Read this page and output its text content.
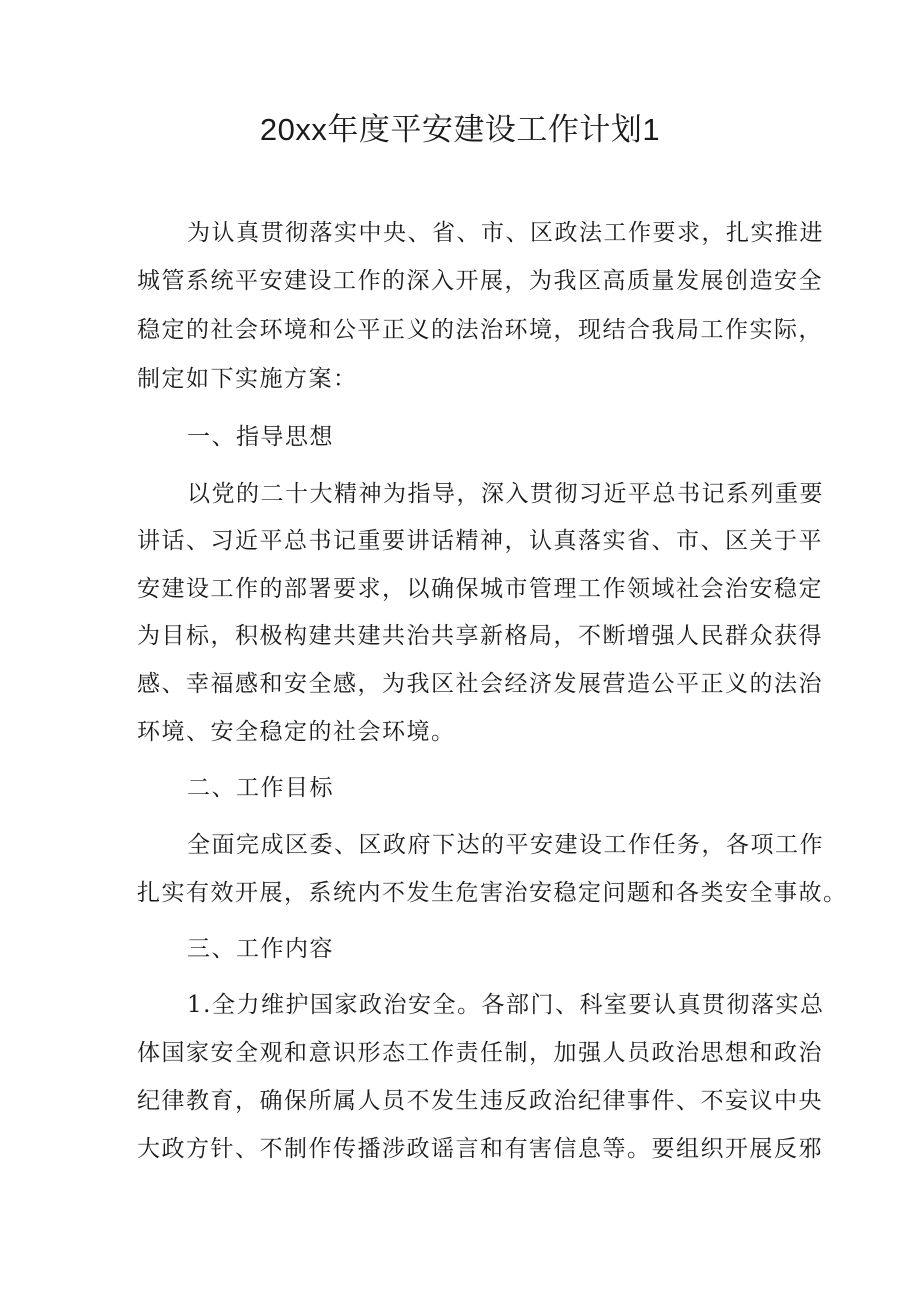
20xx年度平安建设工作计划1
为认真贯彻落实中央、省、市、区政法工作要求，扎实推进
城管系统平安建设工作的深入开展，为我区高质量发展创造安全
稳定的社会环境和公平正义的法治环境，现结合我局工作实际，
制定如下实施方案：
一、指导思想
以党的二十大精神为指导，深入贯彻习近平总书记系列重要
讲话、习近平总书记重要讲话精神，认真落实省、市、区关于平
安建设工作的部署要求，以确保城市管理工作领域社会治安稳定
为目标，积极构建共建共治共享新格局，不断增强人民群众获得
感、幸福感和安全感，为我区社会经济发展营造公平正义的法治
环境、安全稳定的社会环境。
二、工作目标
全面完成区委、区政府下达的平安建设工作任务，各项工作
扎实有效开展，系统内不发生危害治安稳定问题和各类安全事故。
三、工作内容
1.全力维护国家政治安全。各部门、科室要认真贯彻落实总
体国家安全观和意识形态工作责任制，加强人员政治思想和政治
纪律教育，确保所属人员不发生违反政治纪律事件、不妄议中央
大政方针、不制作传播涉政谣言和有害信息等。要组织开展反邪
